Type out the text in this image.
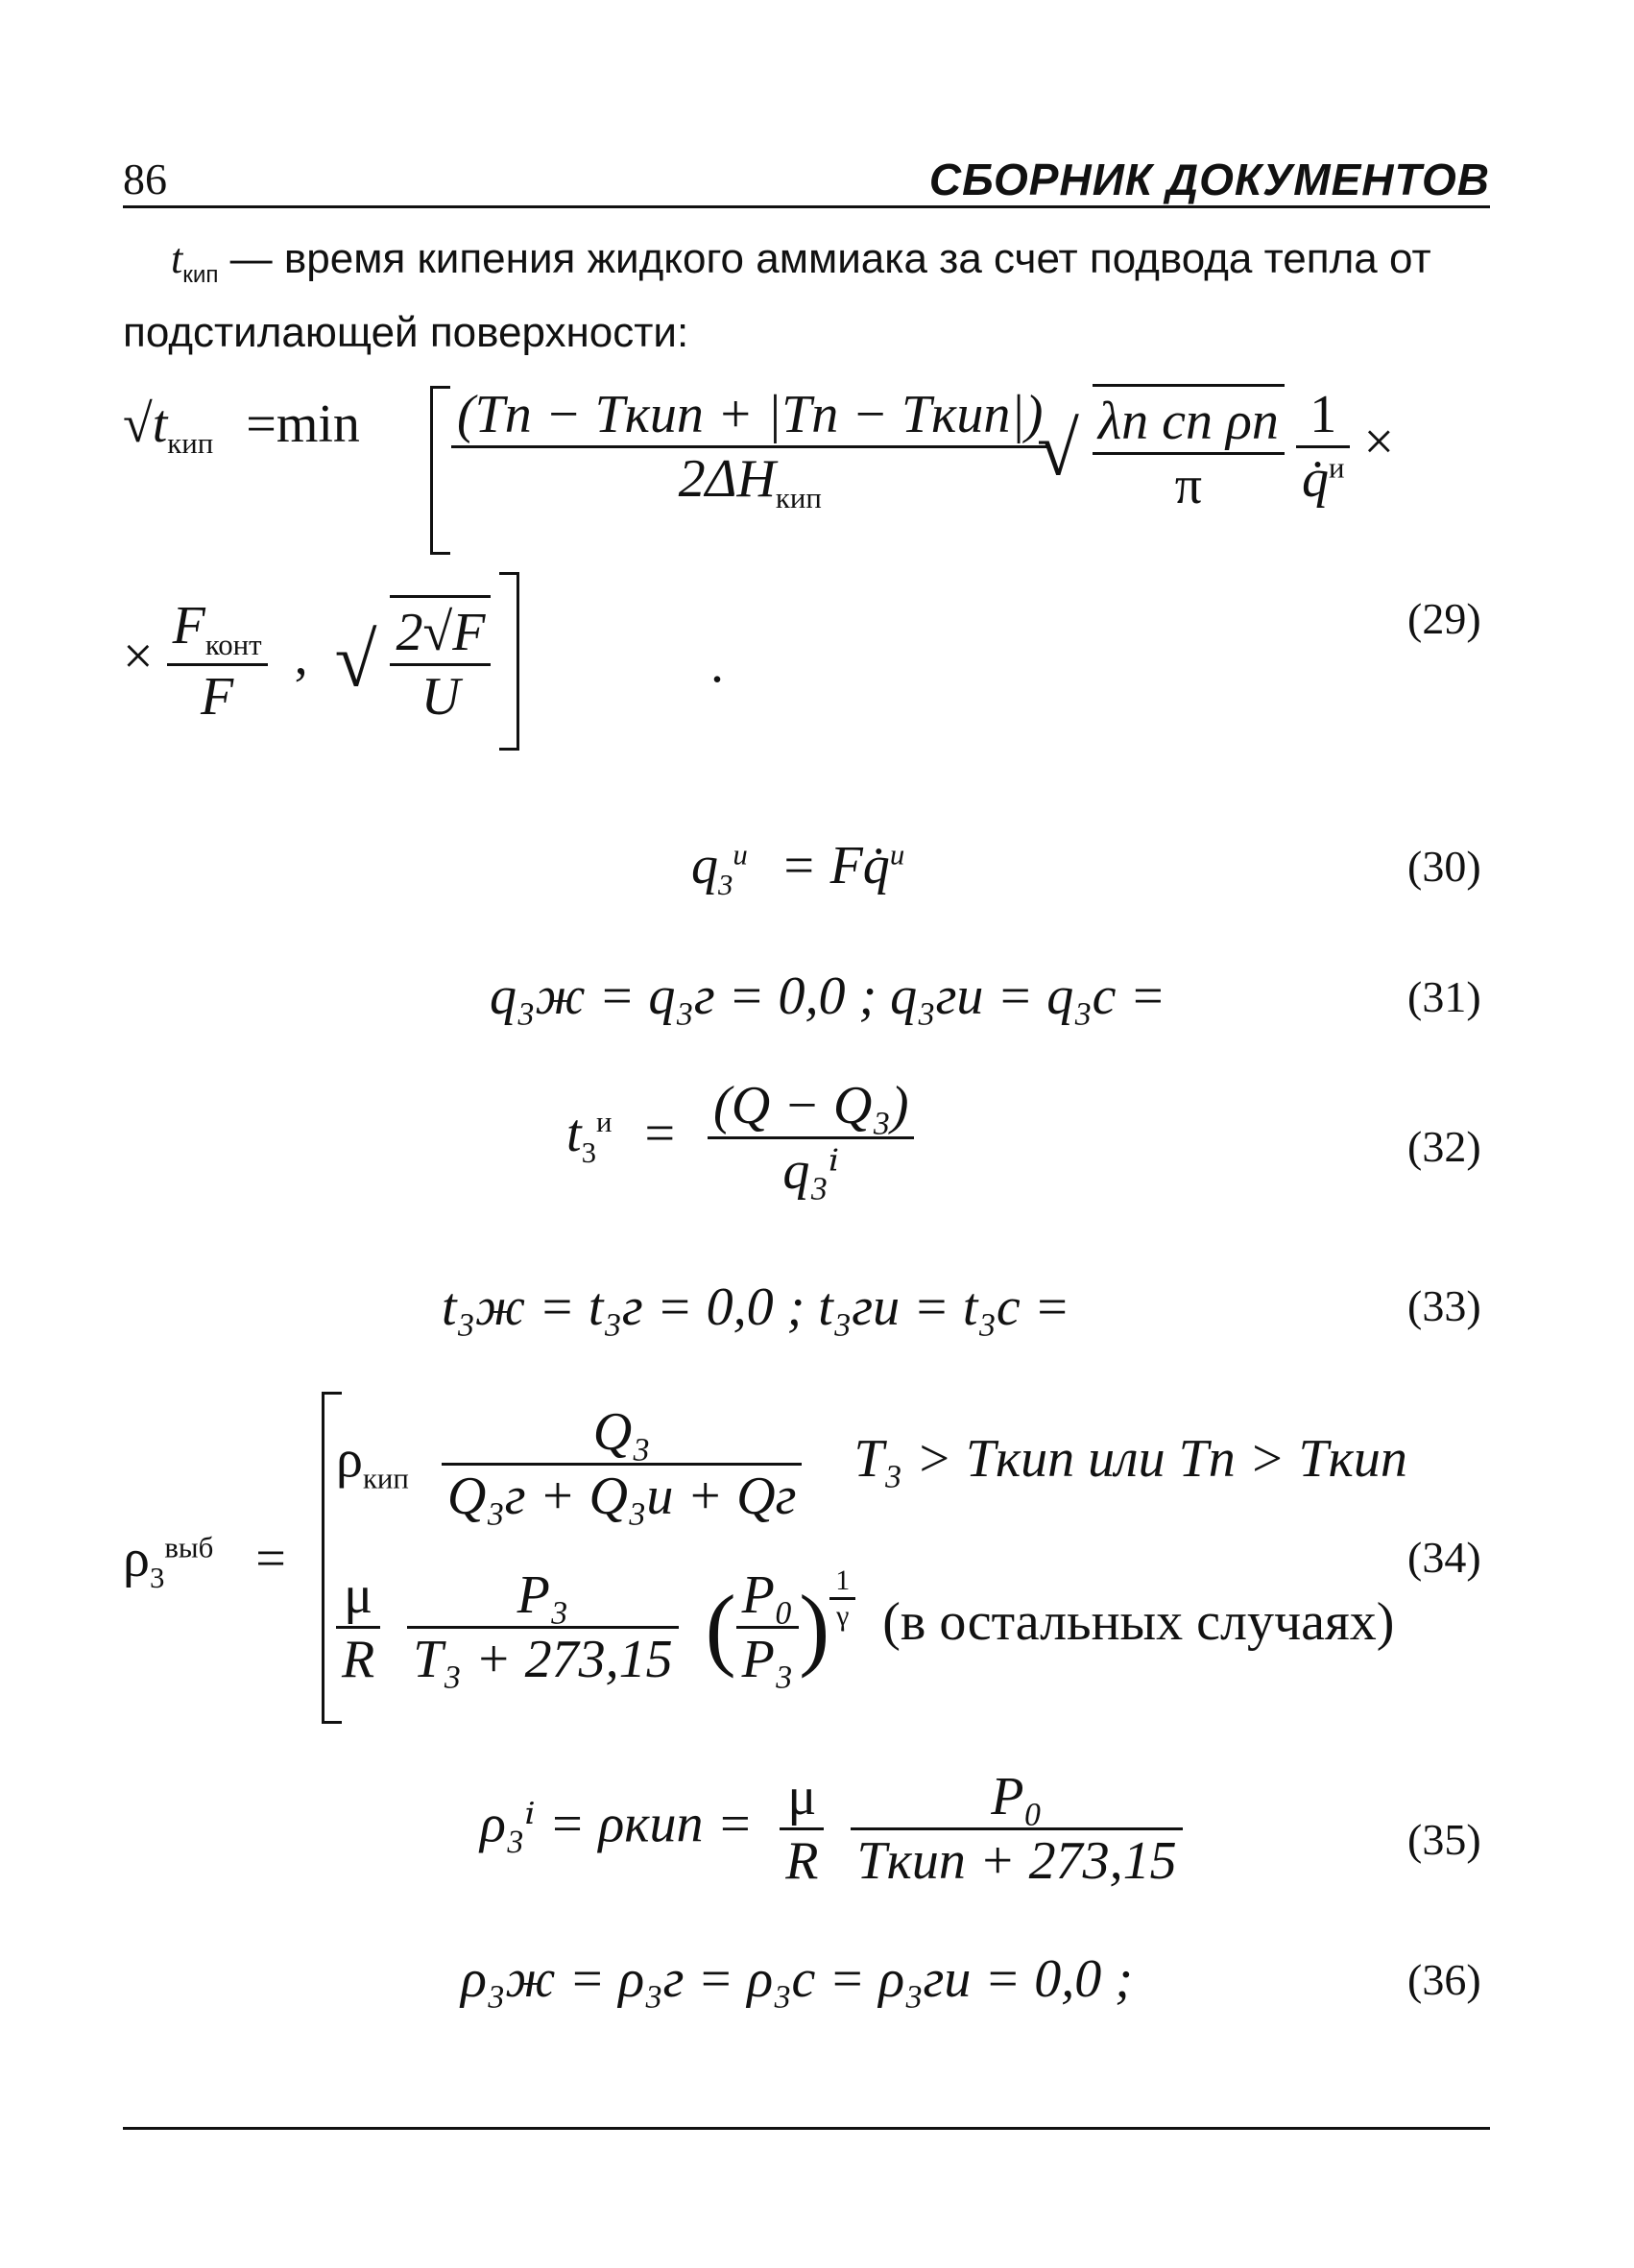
86	СБОРНИК ДОКУМЕНТОВ
$t_{кип}$ — время кипения жидкого аммиака за счет подвода тепла от подстилающей поверхности:
$√t_{кип} =\min \frac{\text{(Tп − Tкип + |Tп − Tкип|)}}{2\Delta H_{кип}}$
√ $\frac{\text{λп cп ρп}}{\pi} \frac{1}{q̇^и}$ ×
× $\frac{F_{конт}}{F}$ , √ $\frac{2√F}{U}$	.
(29)
$q_3^и$ = Fq̇$^и$	(30)
q₃ж = q₃г = 0,0 ; q₃ги = q₃с =	(31)
$t_3^и = \frac{\text{(Q − Q₃)}}{\text{q₃ⁱ}}$	(32)
t₃ж = t₃г = 0,0 ; t₃ги = t₃с =	(33)
$\rho_3^{выб}$ =
$\rho_{кип} \frac{\text{Q₃}}{\text{Q₃г + Q₃и + Qг}} T_3$ > Tкип или Tп > Tкип
$\frac{\mu}{R}$
$\frac{\text{P₃}}{\text{T₃ + 273,15}}$ ( $\frac{\text{P₀}}{\text{P₃}}$ ) $\frac{1}{\gamma} (в$ остальных случаях)
(34)
$\rho_3^i = \rho кип = \frac{\mu}{R}$
$\frac{\text{P₀}}{\text{Tкип + 273,15}}$	(35)
ρ₃ж = ρ₃г = ρ₃с = ρ₃ги = 0,0 ;	(36)
